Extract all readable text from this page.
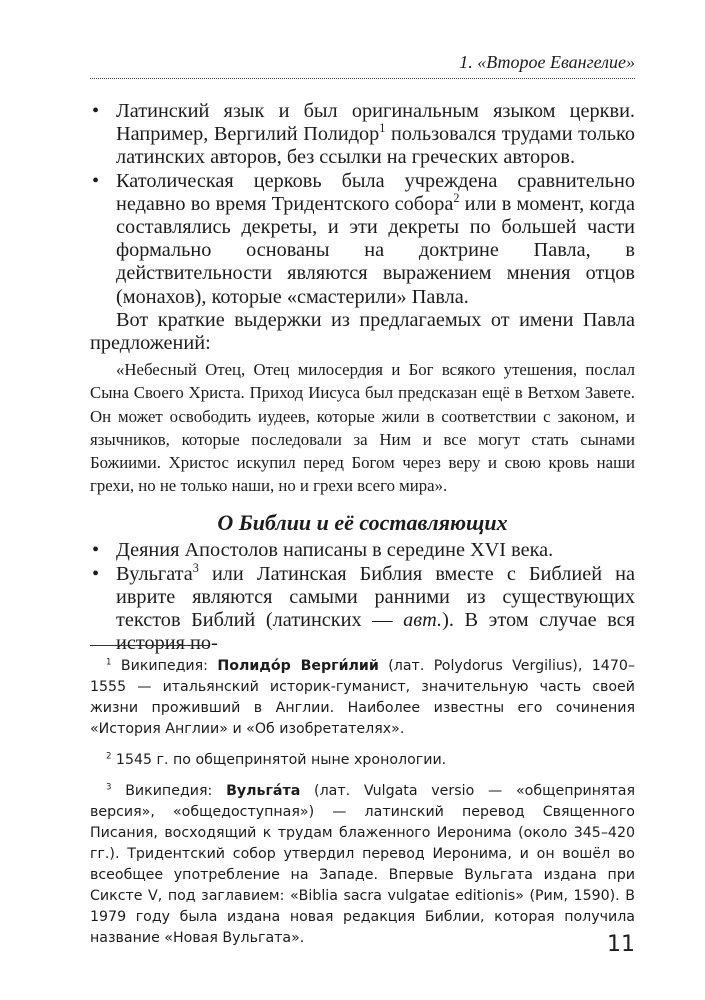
1. «Второе Евангелие»
• Латинский язык и был оригинальным языком церкви. Например, Вергилий Полидор$^1$ пользовался трудами только латинских авторов, без ссылки на греческих авторов.
• Католическая церковь была учреждена сравнительно недавно во время Тридентского собора$^2$ или в момент, когда составлялись декреты, и эти декреты по большей части формально основаны на доктрине Павла, в действительности являются выражением мнения отцов (монахов), которые «смастерили» Павла.

Вот краткие выдержки из предлагаемых от имени Павла предложений:

«Небесный Отец, Отец милосердия и Бог всякого утешения, послал Сына Своего Христа. Приход Иисуса был предсказан ещё в Ветхом Завете. Он может освободить иудеев, которые жили в соответствии с законом, и язычников, которые последовали за Ним и все могут стать сынами Божиими. Христос искупил перед Богом через веру и свою кровь наши грехи, но не только наши, но и грехи всего мира».

О Библии и её составляющих
• Деяния Апостолов написаны в середине XVI века.
• Вульгата$^3$ или Латинская Библия вместе с Библией на иврите являются самыми ранними из существующих текстов Библий (латинских — авт.). В этом случае вся история по-

$^1$ Википедия: Полидо́р Верги́лий (лат. Polydorus Vergilius), 1470–1555 — итальянский историк-гуманист, значительную часть своей жизни проживший в Англии. Наиболее известны его сочинения «История Англии» и «Об изобретателях».

$^2$ 1545 г. по общепринятой ныне хронологии.

$^3$ Википедия: Вульга́та (лат. Vulgata versio — «общепринятая версия», «общедоступная») — латинский перевод Священного Писания, восходящий к трудам блаженного Иеронима (около 345–420 гг.). Тридентский собор утвердил перевод Иеронима, и он вошёл во всеобщее употребление на Западе. Впервые Вульгата издана при Сиксте V, под заглавием: «Biblia sacra vulgatae editionis» (Рим, 1590). В 1979 году была издана новая редакция Библии, которая получила название «Новая Вульгата».	11
